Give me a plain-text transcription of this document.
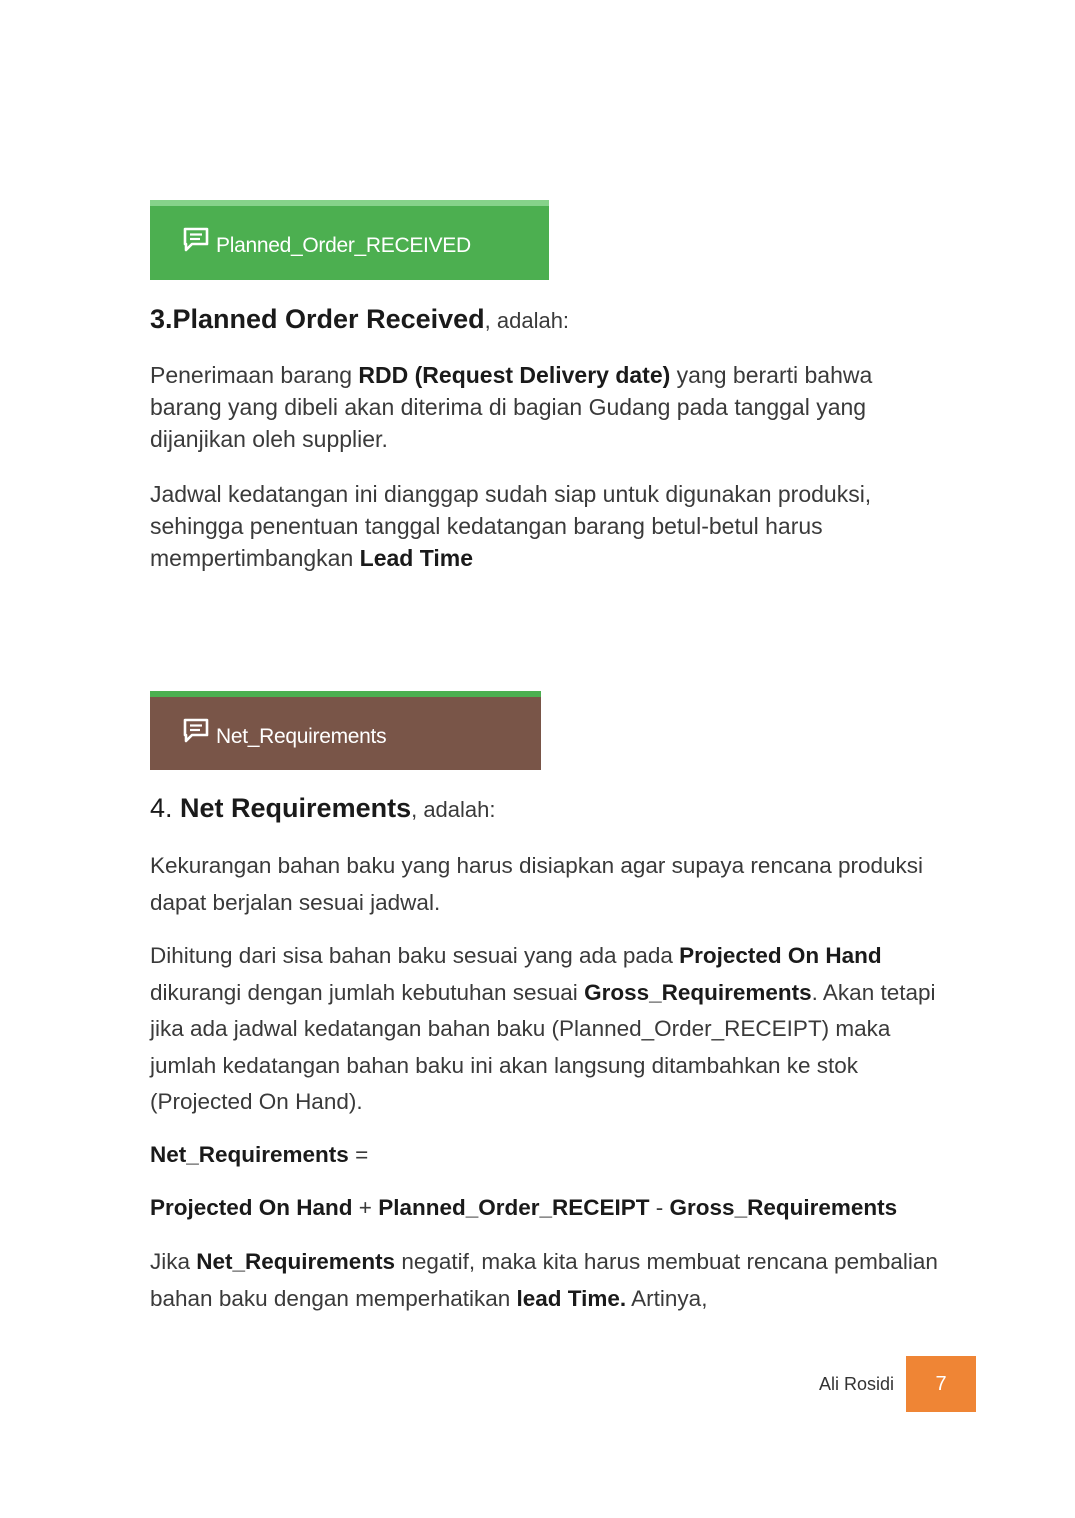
Planned_Order_RECEIVED
3.Planned Order Received, adalah:

Penerimaan barang RDD (Request Delivery date) yang berarti bahwa barang yang dibeli akan diterima di bagian Gudang pada tanggal yang dijanjikan oleh supplier.

Jadwal kedatangan ini dianggap sudah siap untuk digunakan produksi, sehingga penentuan tanggal kedatangan barang betul-betul harus mempertimbangkan Lead Time

Net_Requirements
4. Net Requirements, adalah:

Kekurangan bahan baku yang harus disiapkan agar supaya rencana produksi dapat berjalan sesuai jadwal.

Dihitung dari sisa bahan baku sesuai yang ada pada Projected On Hand dikurangi dengan jumlah kebutuhan sesuai Gross_Requirements. Akan tetapi jika ada jadwal kedatangan bahan baku (Planned_Order_RECEIPT) maka jumlah kedatangan bahan baku ini akan langsung ditambahkan ke stok (Projected On Hand).

Net_Requirements =

Projected On Hand + Planned_Order_RECEIPT - Gross_Requirements

Jika Net_Requirements negatif, maka kita harus membuat rencana pembalian bahan baku dengan memperhatikan lead Time. Artinya,

Ali Rosidi	7
